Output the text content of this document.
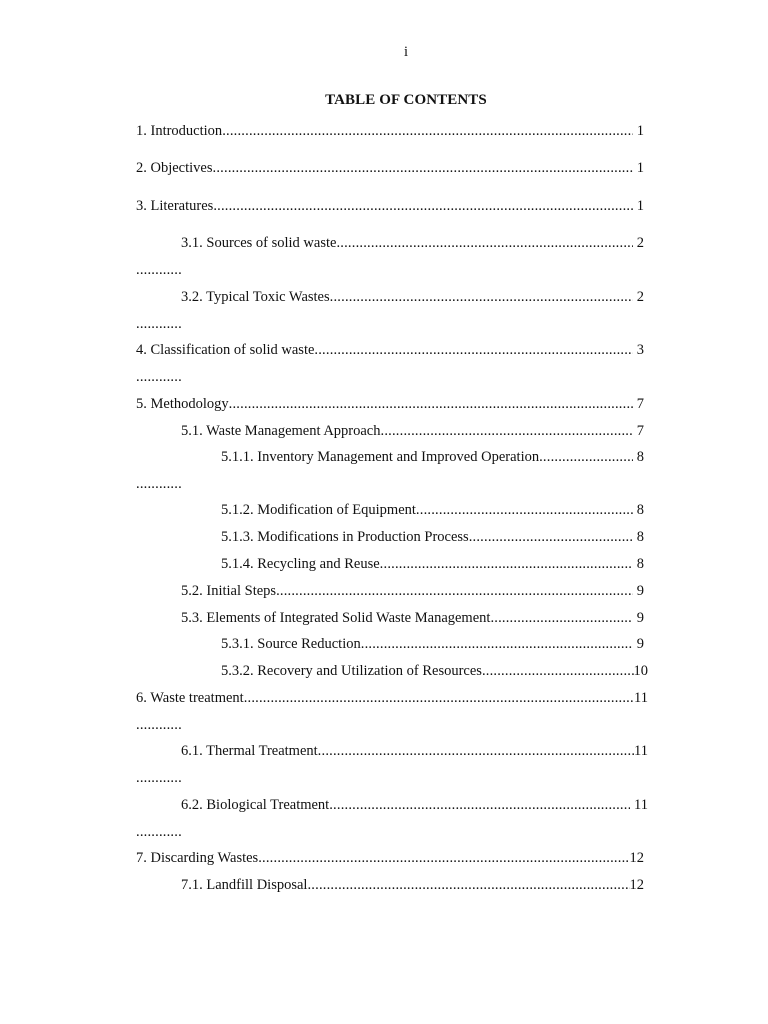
i
TABLE OF CONTENTS
1. Introduction .....	1
2. Objectives .....	1
3. Literatures .....	1
3.1. Sources of solid waste .....	2
............
3.2. Typical Toxic Wastes .....	2
............
4. Classification of solid waste .....	3
............
5. Methodology .....	7
5.1. Waste Management Approach .....	7
5.1.1. Inventory Management and Improved Operation .....	8
............
5.1.2. Modification of Equipment .....	8
5.1.3. Modifications in Production Process .....	8
5.1.4. Recycling and Reuse .....	8
5.2. Initial Steps .....	9
5.3. Elements of Integrated Solid Waste Management .....	9
5.3.1. Source Reduction .....	9
5.3.2. Recovery and Utilization of Resources .....	10
6. Waste treatment .....	11
............
6.1. Thermal Treatment .....	11
............
6.2. Biological Treatment .....	11
............
7. Discarding Wastes .....	12
7.1. Landfill Disposal .....	12
